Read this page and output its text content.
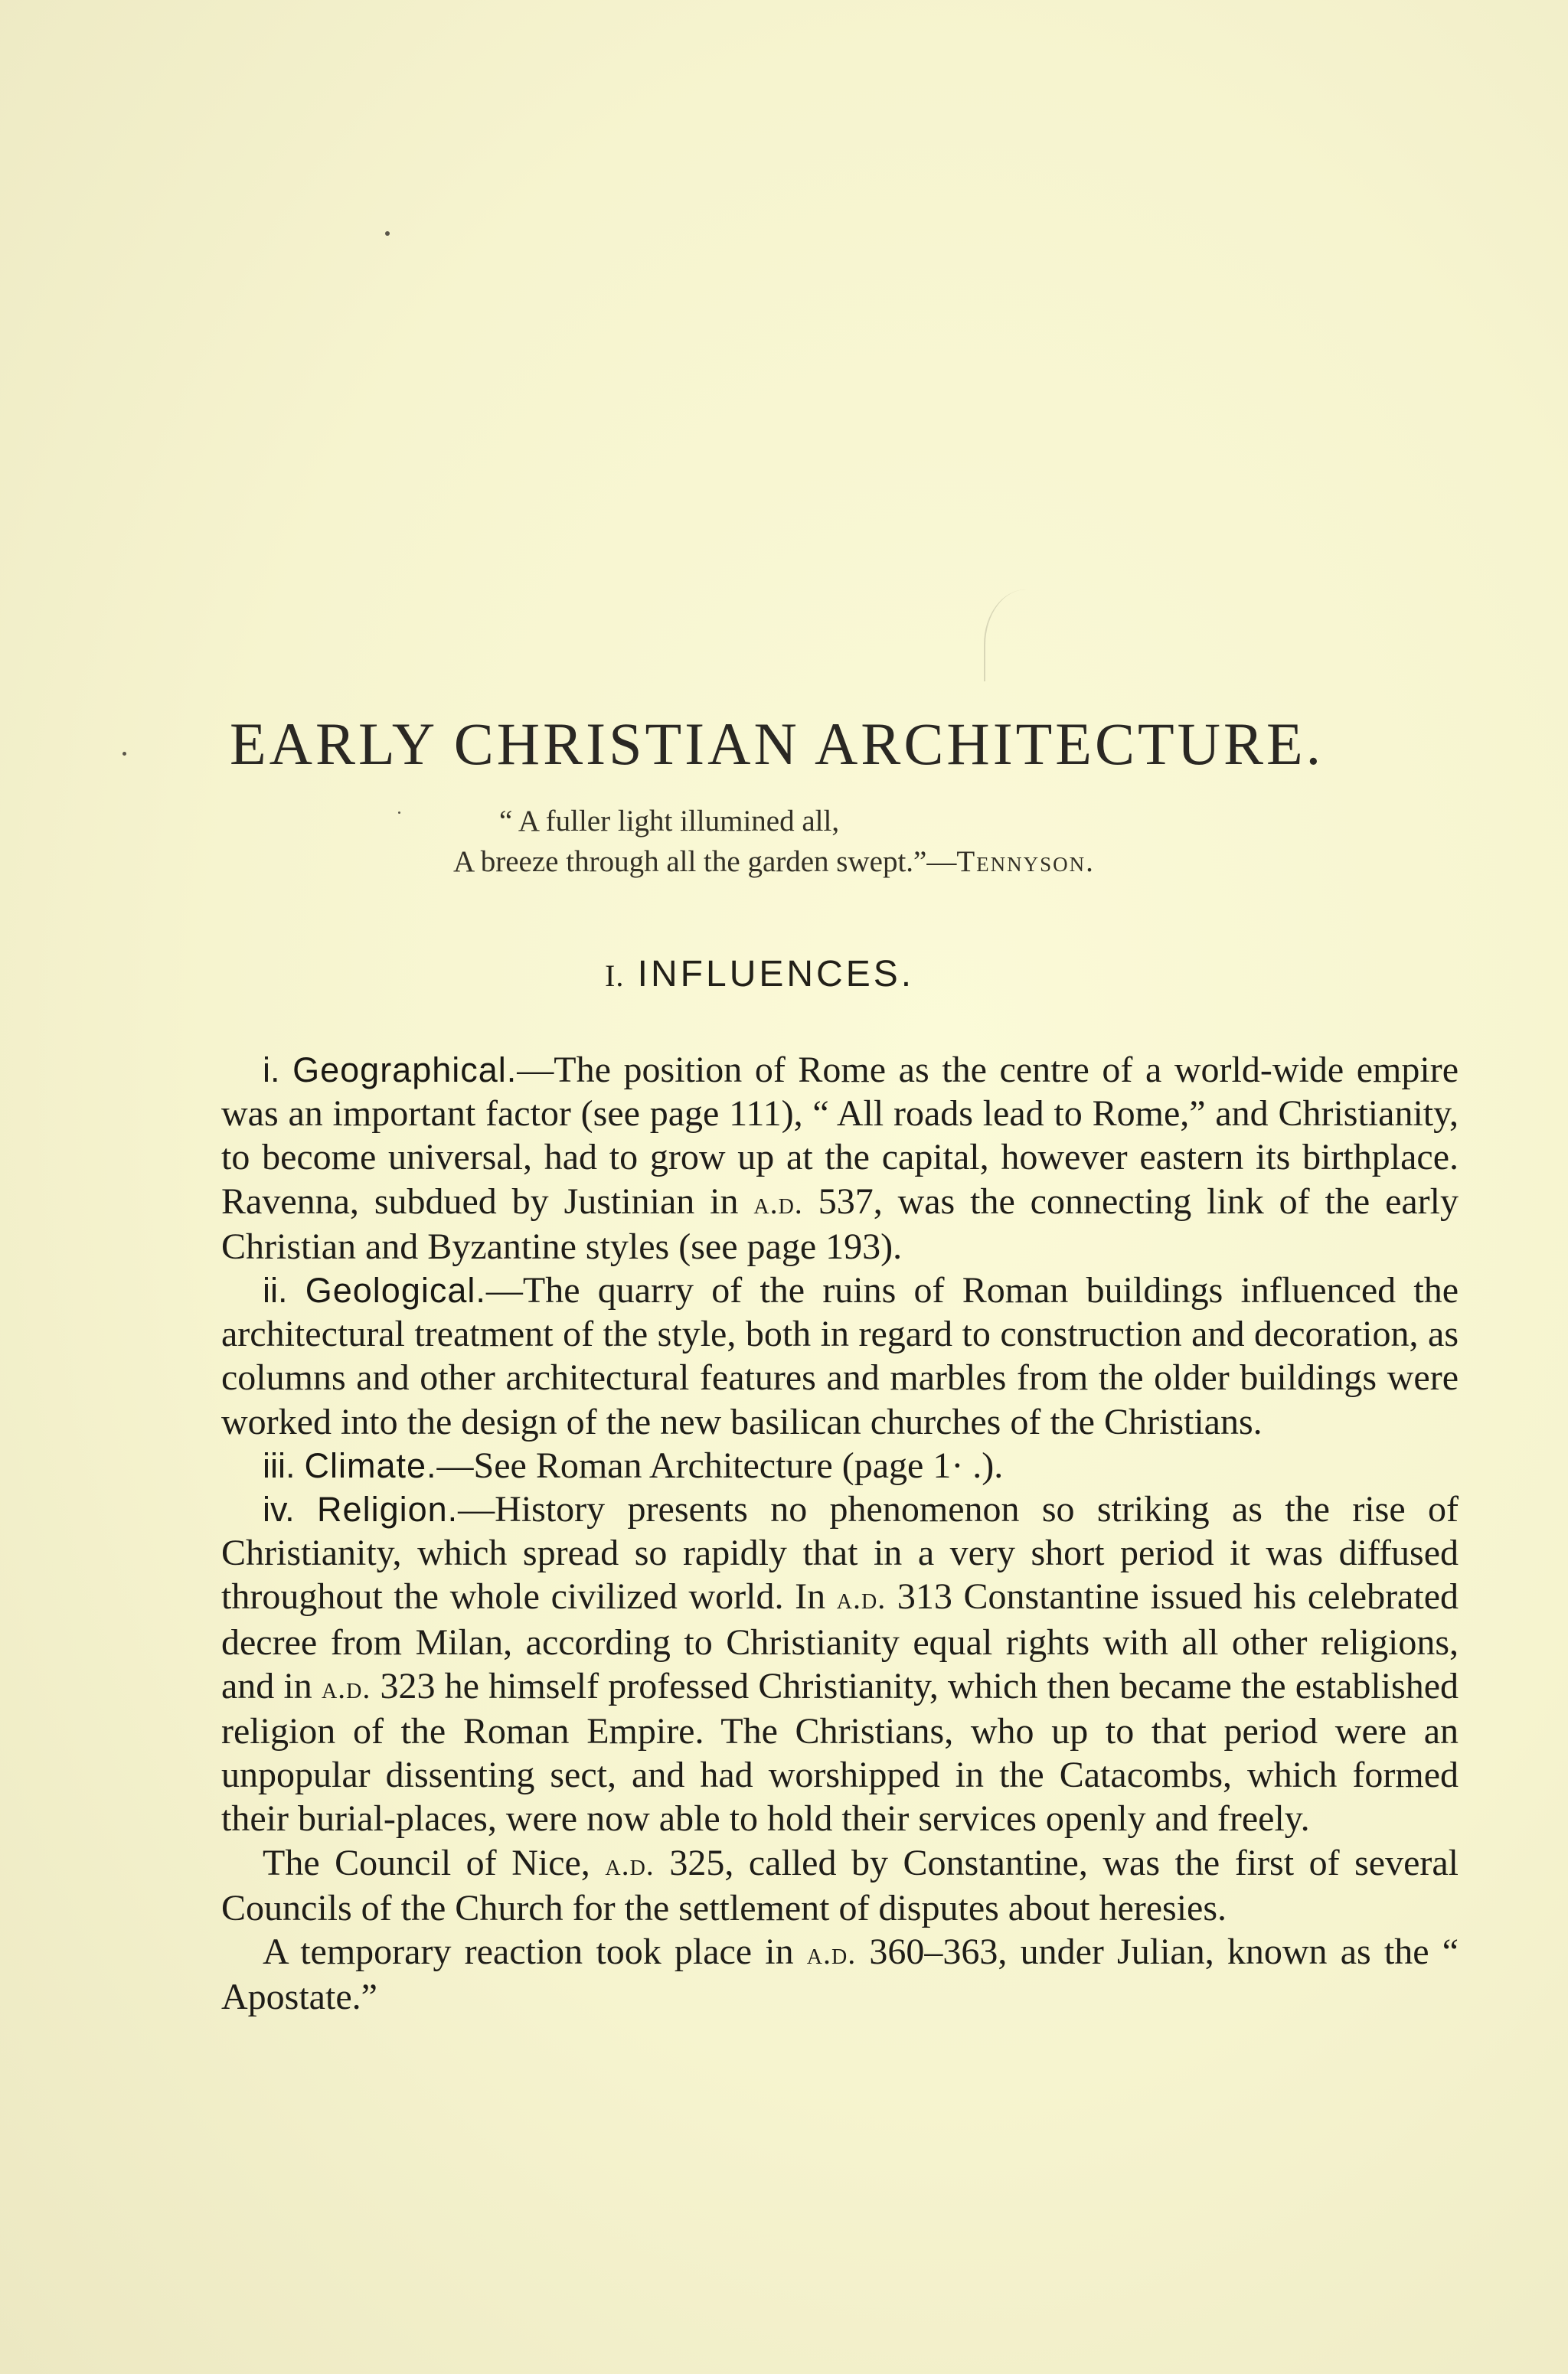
EARLY CHRISTIAN ARCHITECTURE.
“ A fuller light illumined all,
A breeze through all the garden swept.”—Tennyson.
I. INFLUENCES.

i. Geographical.—The position of Rome as the centre of a world-wide empire was an important factor (see page 111), “ All roads lead to Rome,” and Christianity, to become universal, had to grow up at the capital, however eastern its birthplace. Ravenna, subdued by Justinian in a.d. 537, was the connecting link of the early Christian and Byzantine styles (see page 193).

ii. Geological.—The quarry of the ruins of Roman buildings influenced the architectural treatment of the style, both in regard to construction and decoration, as columns and other architectural features and marbles from the older buildings were worked into the design of the new basilican churches of the Christians.

iii. Climate.—See Roman Architecture (page 1· .).

iv. Religion.—History presents no phenomenon so striking as the rise of Christianity, which spread so rapidly that in a very short period it was diffused throughout the whole civilized world. In a.d. 313 Constantine issued his celebrated decree from Milan, according to Christianity equal rights with all other religions, and in a.d. 323 he himself professed Christianity, which then became the established religion of the Roman Empire. The Christians, who up to that period were an unpopular dissenting sect, and had worshipped in the Catacombs, which formed their burial-places, were now able to hold their services openly and freely.

The Council of Nice, a.d. 325, called by Constantine, was the first of several Councils of the Church for the settlement of disputes about heresies.

A temporary reaction took place in a.d. 360–363, under Julian, known as the “ Apostate.”
